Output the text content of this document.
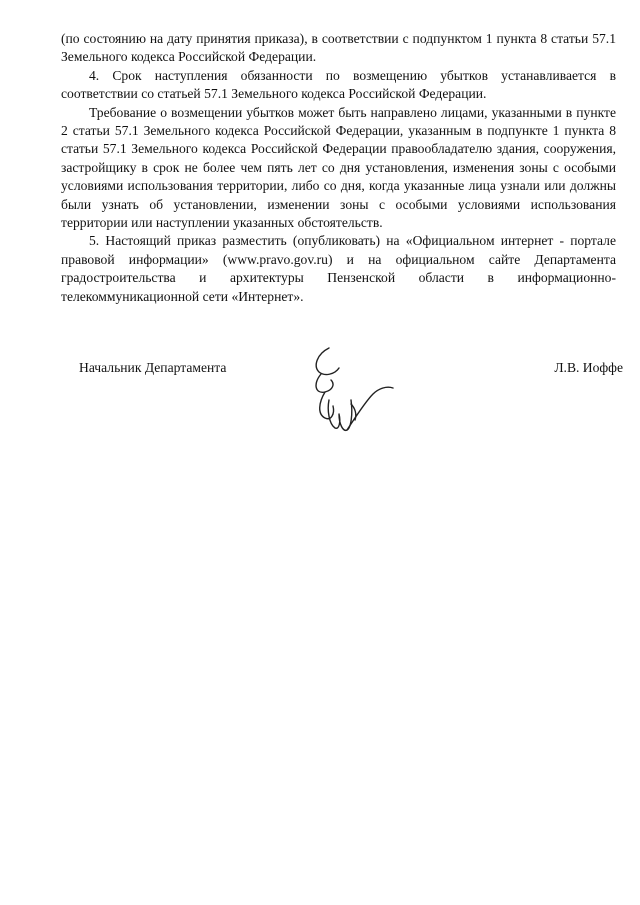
(по состоянию на дату принятия приказа), в соответствии с подпунктом 1 пункта 8 статьи 57.1 Земельного кодекса Российской Федерации.

4. Срок наступления обязанности по возмещению убытков устанавливается в соответствии со статьей 57.1 Земельного кодекса Российской Федерации.

Требование о возмещении убытков может быть направлено лицами, указанными в пункте 2 статьи 57.1 Земельного кодекса Российской Федерации, указанным в подпункте 1 пункта 8 статьи 57.1 Земельного кодекса Российской Федерации правообладателю здания, сооружения, застройщику в срок не более чем пять лет со дня установления, изменения зоны с особыми условиями использования территории, либо со дня, когда указанные лица узнали или должны были узнать об установлении, изменении зоны с особыми условиями использования территории или наступлении указанных обстоятельств.

5. Настоящий приказ разместить (опубликовать) на «Официальном интернет - портале правовой информации» (www.pravo.gov.ru) и на официальном сайте Департамента градостроительства и архитектуры Пензенской области в информационно-телекоммуникационной сети «Интернет».

Начальник Департамента	Л.В. Иоффе
